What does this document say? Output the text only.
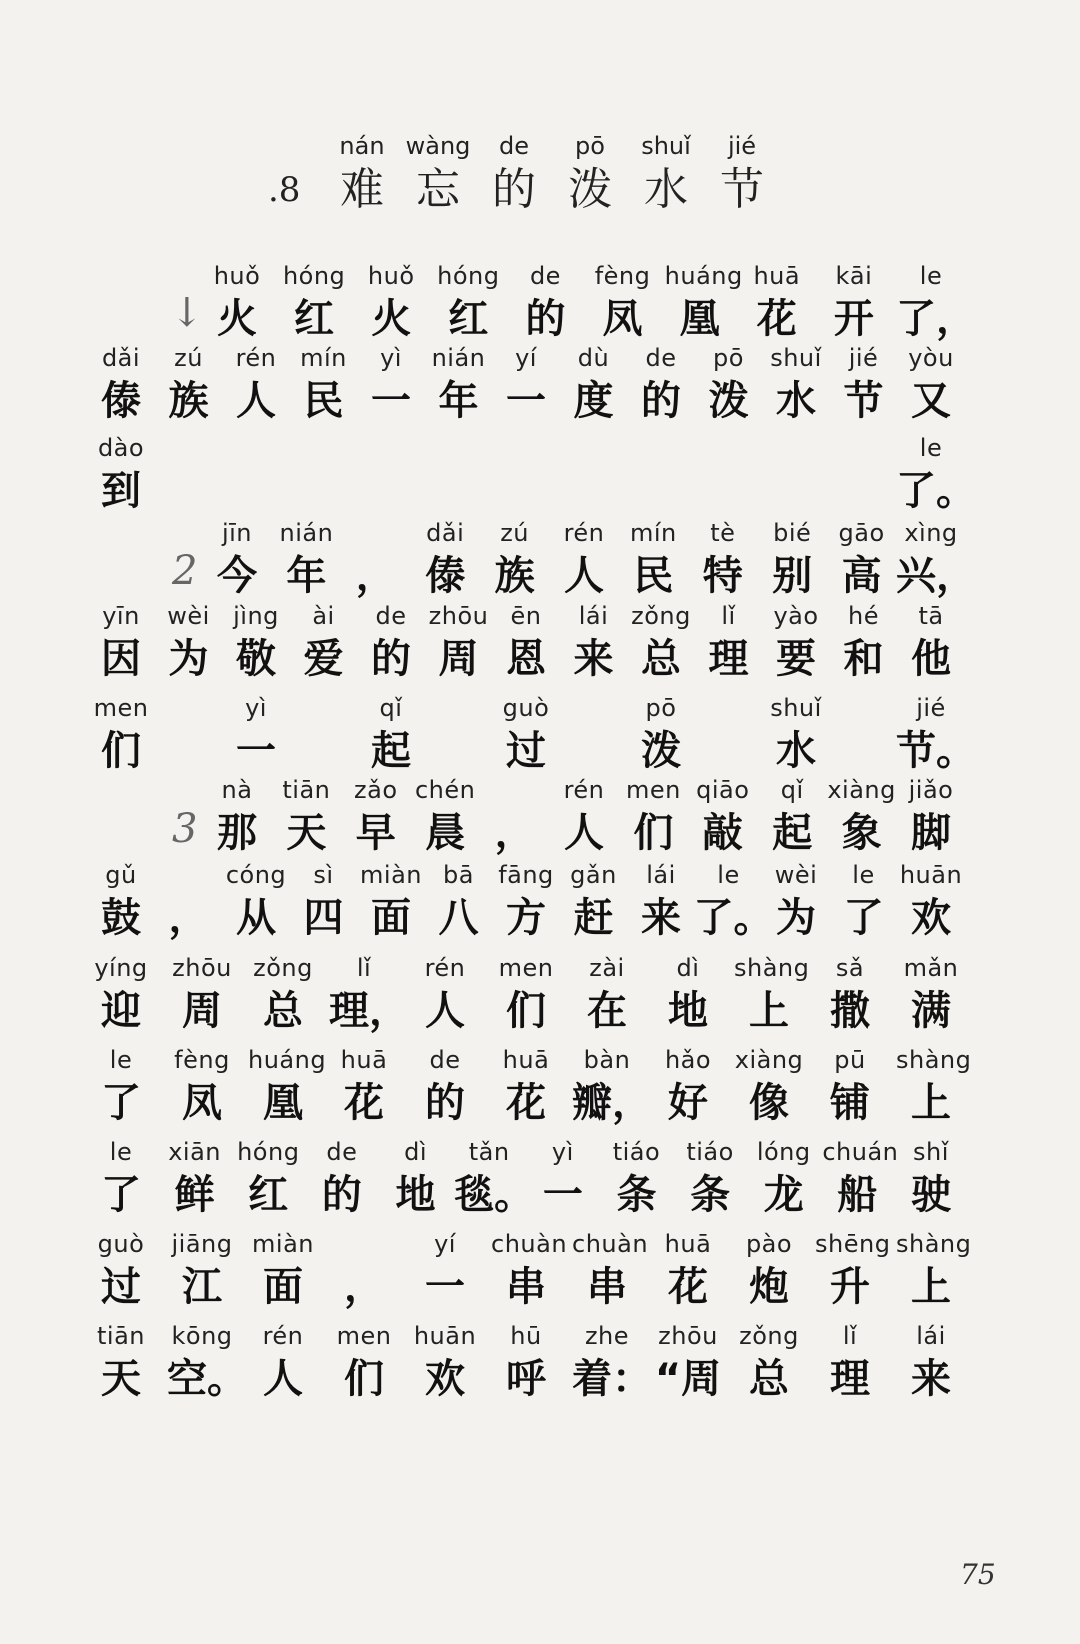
.8
nán
难
wàng
忘
de
的
pō
泼
shuǐ
水
jié
节
↓
2
3
huǒ
火
hóng
红
huǒ
火
hóng
红
de
的
fèng
凤
huáng
凰
huā
花
kāi
开
le
了，
dǎi
傣
zú
族
rén
人
mín
民
yì
一
nián
年
yí
一
dù
度
de
的
pō
泼
shuǐ
水
jié
节
yòu
又
dào
到
le
了。
jīn
今
nián
年 ，
dǎi
傣
zú
族
rén
人
mín
民
tè
特
bié
别
gāo
高
xìng
兴，
yīn
因
wèi
为
jìng
敬
ài
爱
de
的
zhōu
周
ēn
恩
lái
来
zǒng
总
lǐ
理
yào
要
hé
和
tā
他
men
们
yì
一
qǐ
起
guò
过
pō
泼
shuǐ
水
jié
节。
nà
那
tiān
天
zǎo
早
chén
晨 ，
rén
人
men
们
qiāo
敲
qǐ
起
xiàng
象
jiǎo
脚
gǔ
鼓 ，
cóng
从
sì
四
miàn
面
bā
八
fāng
方
gǎn
赶
lái
来
le
了。
wèi
为
le
了
huān
欢
yíng
迎
zhōu
周
zǒng
总
lǐ
理，
rén
人
men
们
zài
在
dì
地
shàng
上
sǎ
撒
mǎn
满
le
了
fèng
凤
huáng
凰
huā
花
de
的
huā
花
bàn
瓣，
hǎo
好
xiàng
像
pū
铺
shàng
上
le
了
xiān
鲜
hóng
红
de
的
dì
地
tǎn
毯。
yì
一
tiáo
条
tiáo
条
lóng
龙
chuán
船
shǐ
驶
guò
过
jiāng
江
miàn
面	，
yí
一
chuàn
串
chuàn
串
huā
花
pào
炮
shēng
升
shàng
上
tiān
天
kōng
空。
rén
人
men
们
huān
欢
hū
呼
zhe
着：
zhōu
“周
zǒng
总
lǐ
理
lái
来
75
